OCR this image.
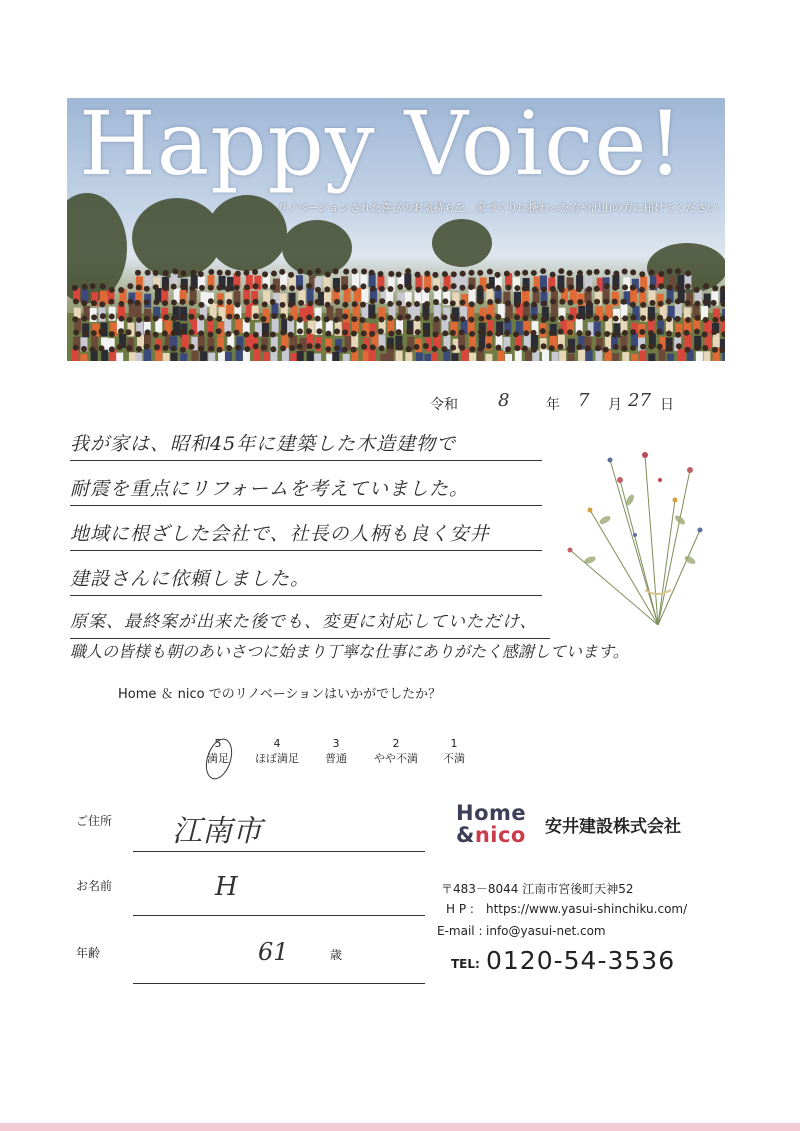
Happy Voice!
リノベーションされた喜びのお気持ちを、家づくりに携わった方や沢山の方に届けてください
令和 8	年 7 月 27 日
我が家は、昭和45年に建築した木造建物で
耐震を重点にリフォームを考えていました。
地域に根ざした会社で、社長の人柄も良く安井
建設さんに依頼しました。
原案、最終案が出来た後でも、変更に対応していただけ、
職人の皆様も朝のあいさつに始まり丁寧な仕事にありがたく感謝しています。
Home ＆ nico でのリノベーションはいかがでしたか？
5
満足
4
ほぼ満足
3
普通
2
やや不満
1
不満
ご住所 江南市
お名前	H
年齢	61	歳
Home
&nico 安井建設株式会社
〒483－8044 江南市宮後町天神52
H P : https://www.yasui-shinchiku.com/
E-mail : info@yasui-net.com
TEL: 0120-54-3536
